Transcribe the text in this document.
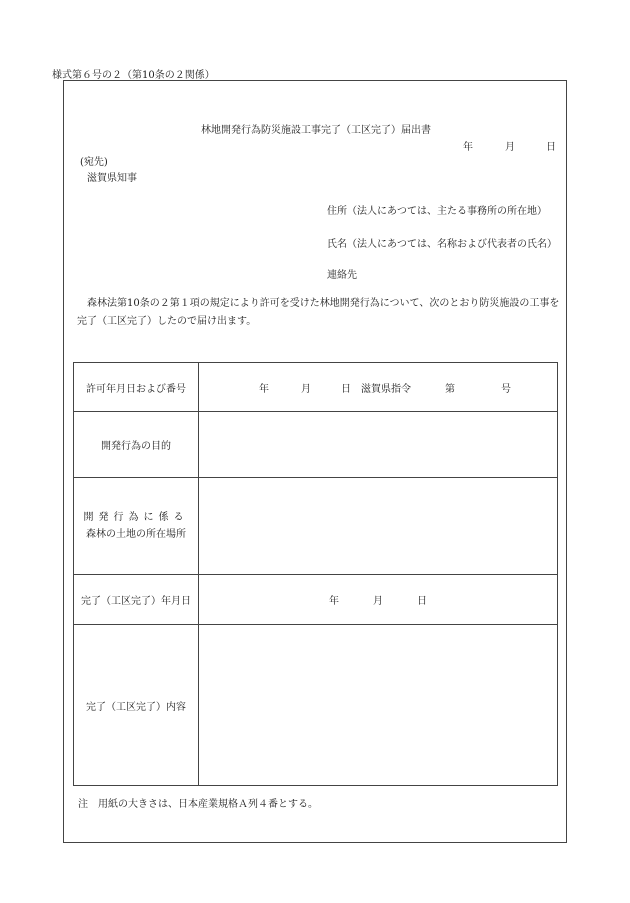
様式第６号の２（第10条の２関係）
林地開発行為防災施設工事完了（工区完了）届出書
年	月	日
(宛先)
滋賀県知事
住所（法人にあつては、主たる事務所の所在地）
氏名（法人にあつては、名称および代表者の氏名）
連絡先
森林法第10条の２第１項の規定により許可を受けた林地開発行為について、次のとおり防災施設の工事を完了（工区完了）したので届け出ます。
許可年月日および番号	年 月 日 滋賀県指令 第 号
開発行為の目的	
開発行為に係る
森林の土地の所在場所	
完了（工区完了）年月日	年 月 日
完了（工区完了）内容	
注　用紙の大きさは、日本産業規格Ａ列４番とする。
